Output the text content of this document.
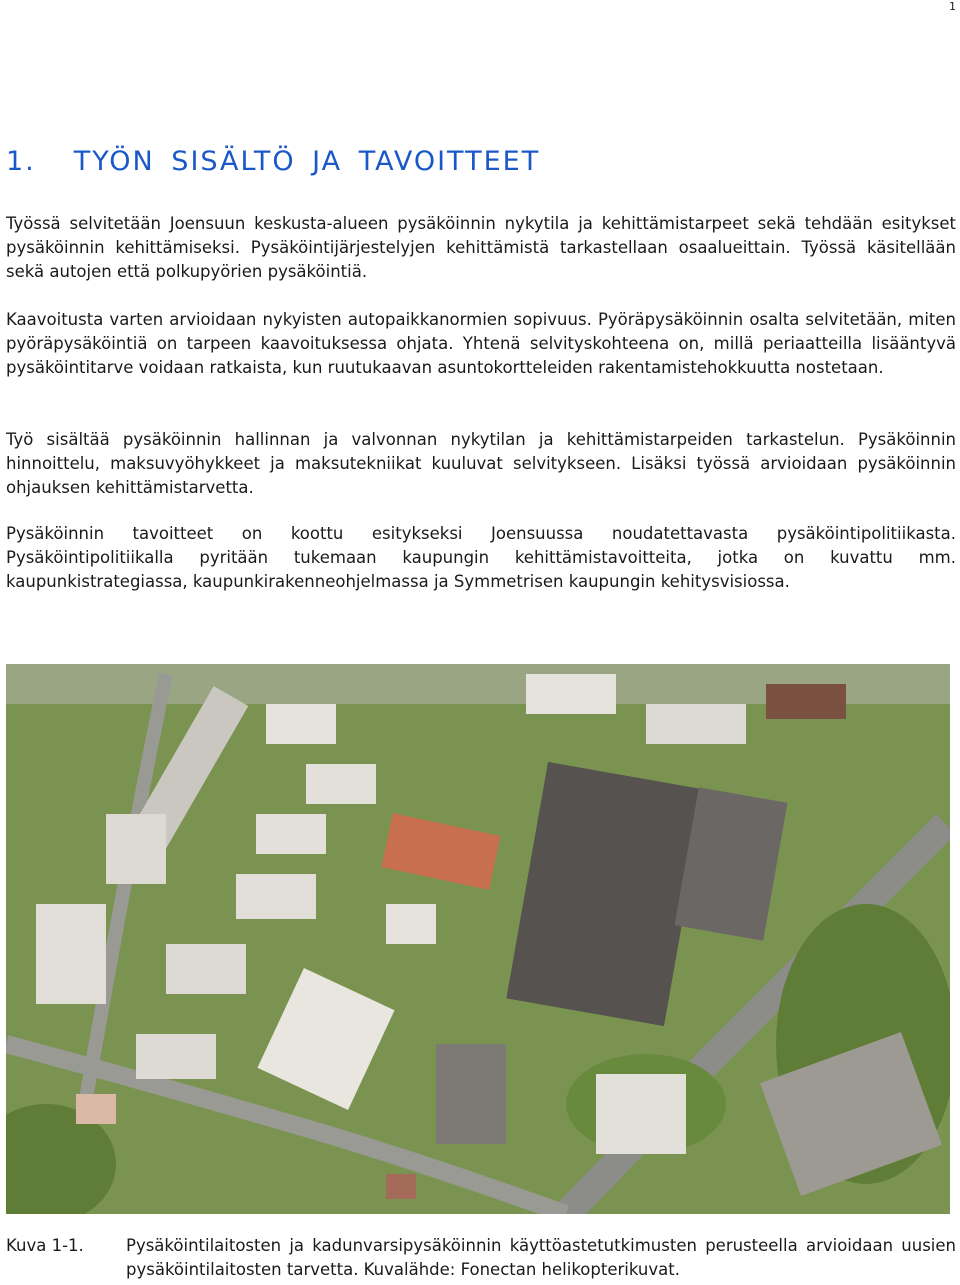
1
1. TYÖN SISÄLTÖ JA TAVOITTEET

Työssä selvitetään Joensuun keskusta-alueen pysäköinnin nykytila ja kehittämistarpeet sekä tehdään esitykset pysäköinnin kehittämiseksi. Pysäköintijärjestelyjen kehittämistä tarkastellaan osaalueittain. Työssä käsitellään sekä autojen että polkupyörien pysäköintiä.

Kaavoitusta varten arvioidaan nykyisten autopaikkanormien sopivuus. Pyöräpysäköinnin osalta selvitetään, miten pyöräpysäköintiä on tarpeen kaavoituksessa ohjata. Yhtenä selvityskohteena on, millä periaatteilla lisääntyvä pysäköintitarve voidaan ratkaista, kun ruutukaavan asuntokortteleiden rakentamistehokkuutta nostetaan.

Työ sisältää pysäköinnin hallinnan ja valvonnan nykytilan ja kehittämistarpeiden tarkastelun. Pysäköinnin hinnoittelu, maksuvyöhykkeet ja maksutekniikat kuuluvat selvitykseen. Lisäksi työssä arvioidaan pysäköinnin ohjauksen kehittämistarvetta.

Pysäköinnin tavoitteet on koottu esitykseksi Joensuussa noudatettavasta pysäköintipolitiikasta. Pysäköintipolitiikalla pyritään tukemaan kaupungin kehittämistavoitteita, jotka on kuvattu mm. kaupunkistrategiassa, kaupunkirakenneohjelmassa ja Symmetrisen kaupungin kehitysvisiossa.

Kuva 1-1.	Pysäköintilaitosten ja kadunvarsipysäköinnin käyttöastetutkimusten perusteella arvioidaan uusien pysäköintilaitosten tarvetta. Kuvalähde: Fonectan helikopterikuvat.
